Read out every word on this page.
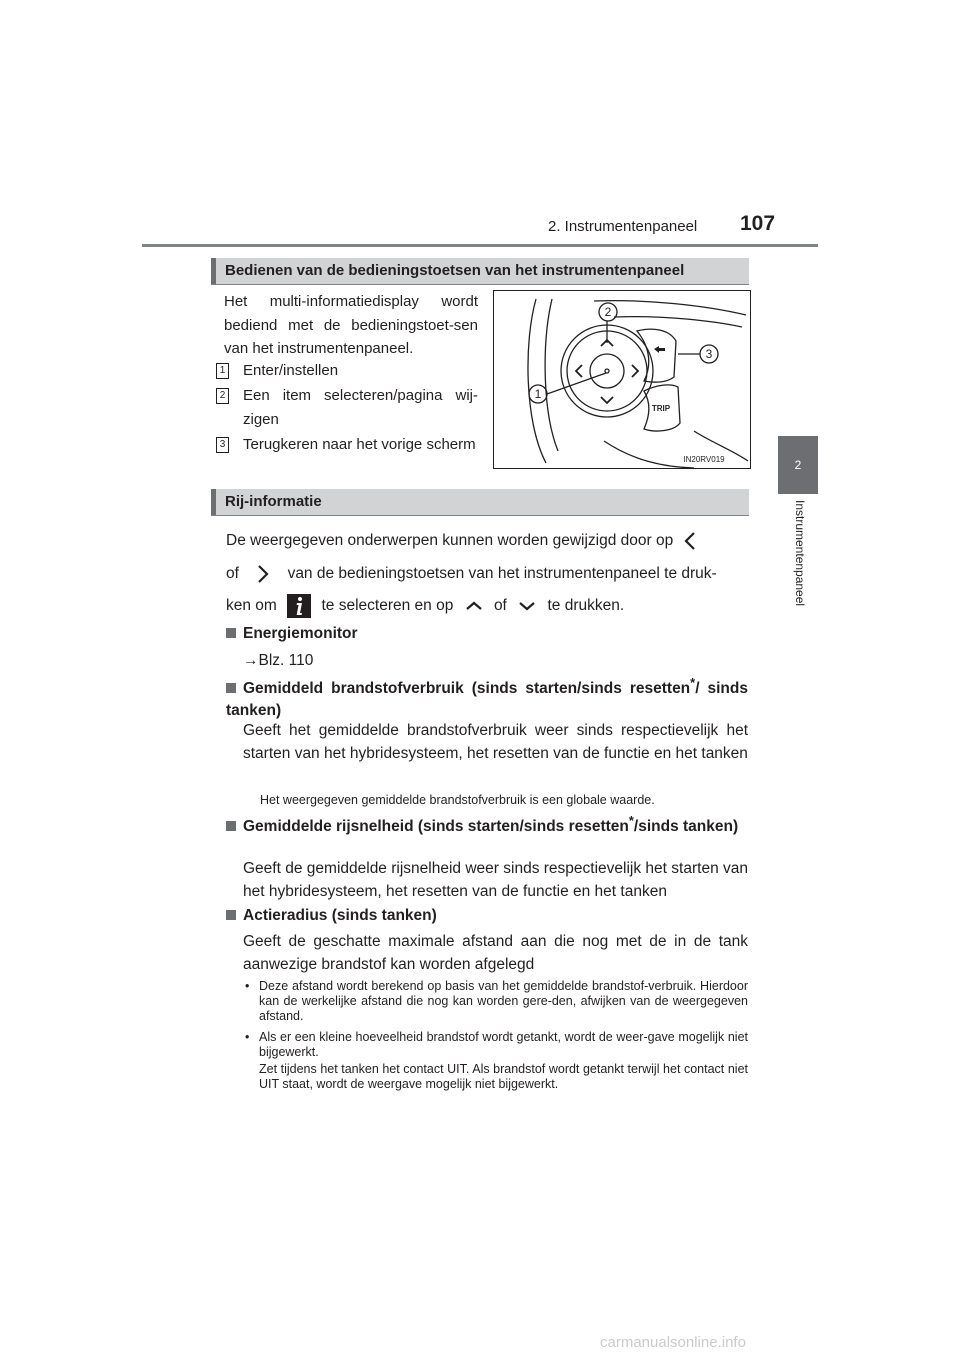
2. Instrumentenpaneel 107
2
Instrumentenpaneel
Bedienen van de bedieningstoetsen van het instrumentenpaneel
Het multi-informatiedisplay wordt bediend met de bedieningstoet-sen van het instrumentenpaneel.
1 Enter/instellen
2 Een item selecteren/pagina wij-zigen
3 Terugkeren naar het vorige scherm
2
1
3
TRIP
IN20RV019
Rij-informatie
De weergegeven onderwerpen kunnen worden gewijzigd door op
of	van de bedieningstoetsen van het instrumentenpaneel te druk-
ken om	te selecteren en op	of	te drukken.
Energiemonitor
→Blz. 110
Gemiddeld brandstofverbruik (sinds starten/sinds resetten*/ sinds tanken)
Geeft het gemiddelde brandstofverbruik weer sinds respectievelijk het starten van het hybridesysteem, het resetten van de functie en het tanken
Het weergegeven gemiddelde brandstofverbruik is een globale waarde.
Gemiddelde rijsnelheid (sinds starten/sinds resetten*/sinds tanken)
Geeft de gemiddelde rijsnelheid weer sinds respectievelijk het starten van het hybridesysteem, het resetten van de functie en het tanken
Actieradius (sinds tanken)
Geeft de geschatte maximale afstand aan die nog met de in de tank aanwezige brandstof kan worden afgelegd
• Deze afstand wordt berekend op basis van het gemiddelde brandstof-verbruik. Hierdoor kan de werkelijke afstand die nog kan worden gere-den, afwijken van de weergegeven afstand.
• Als er een kleine hoeveelheid brandstof wordt getankt, wordt de weer-gave mogelijk niet bijgewerkt.
Zet tijdens het tanken het contact UIT. Als brandstof wordt getankt terwijl het contact niet UIT staat, wordt de weergave mogelijk niet bijgewerkt.
carmanualsonline.info
